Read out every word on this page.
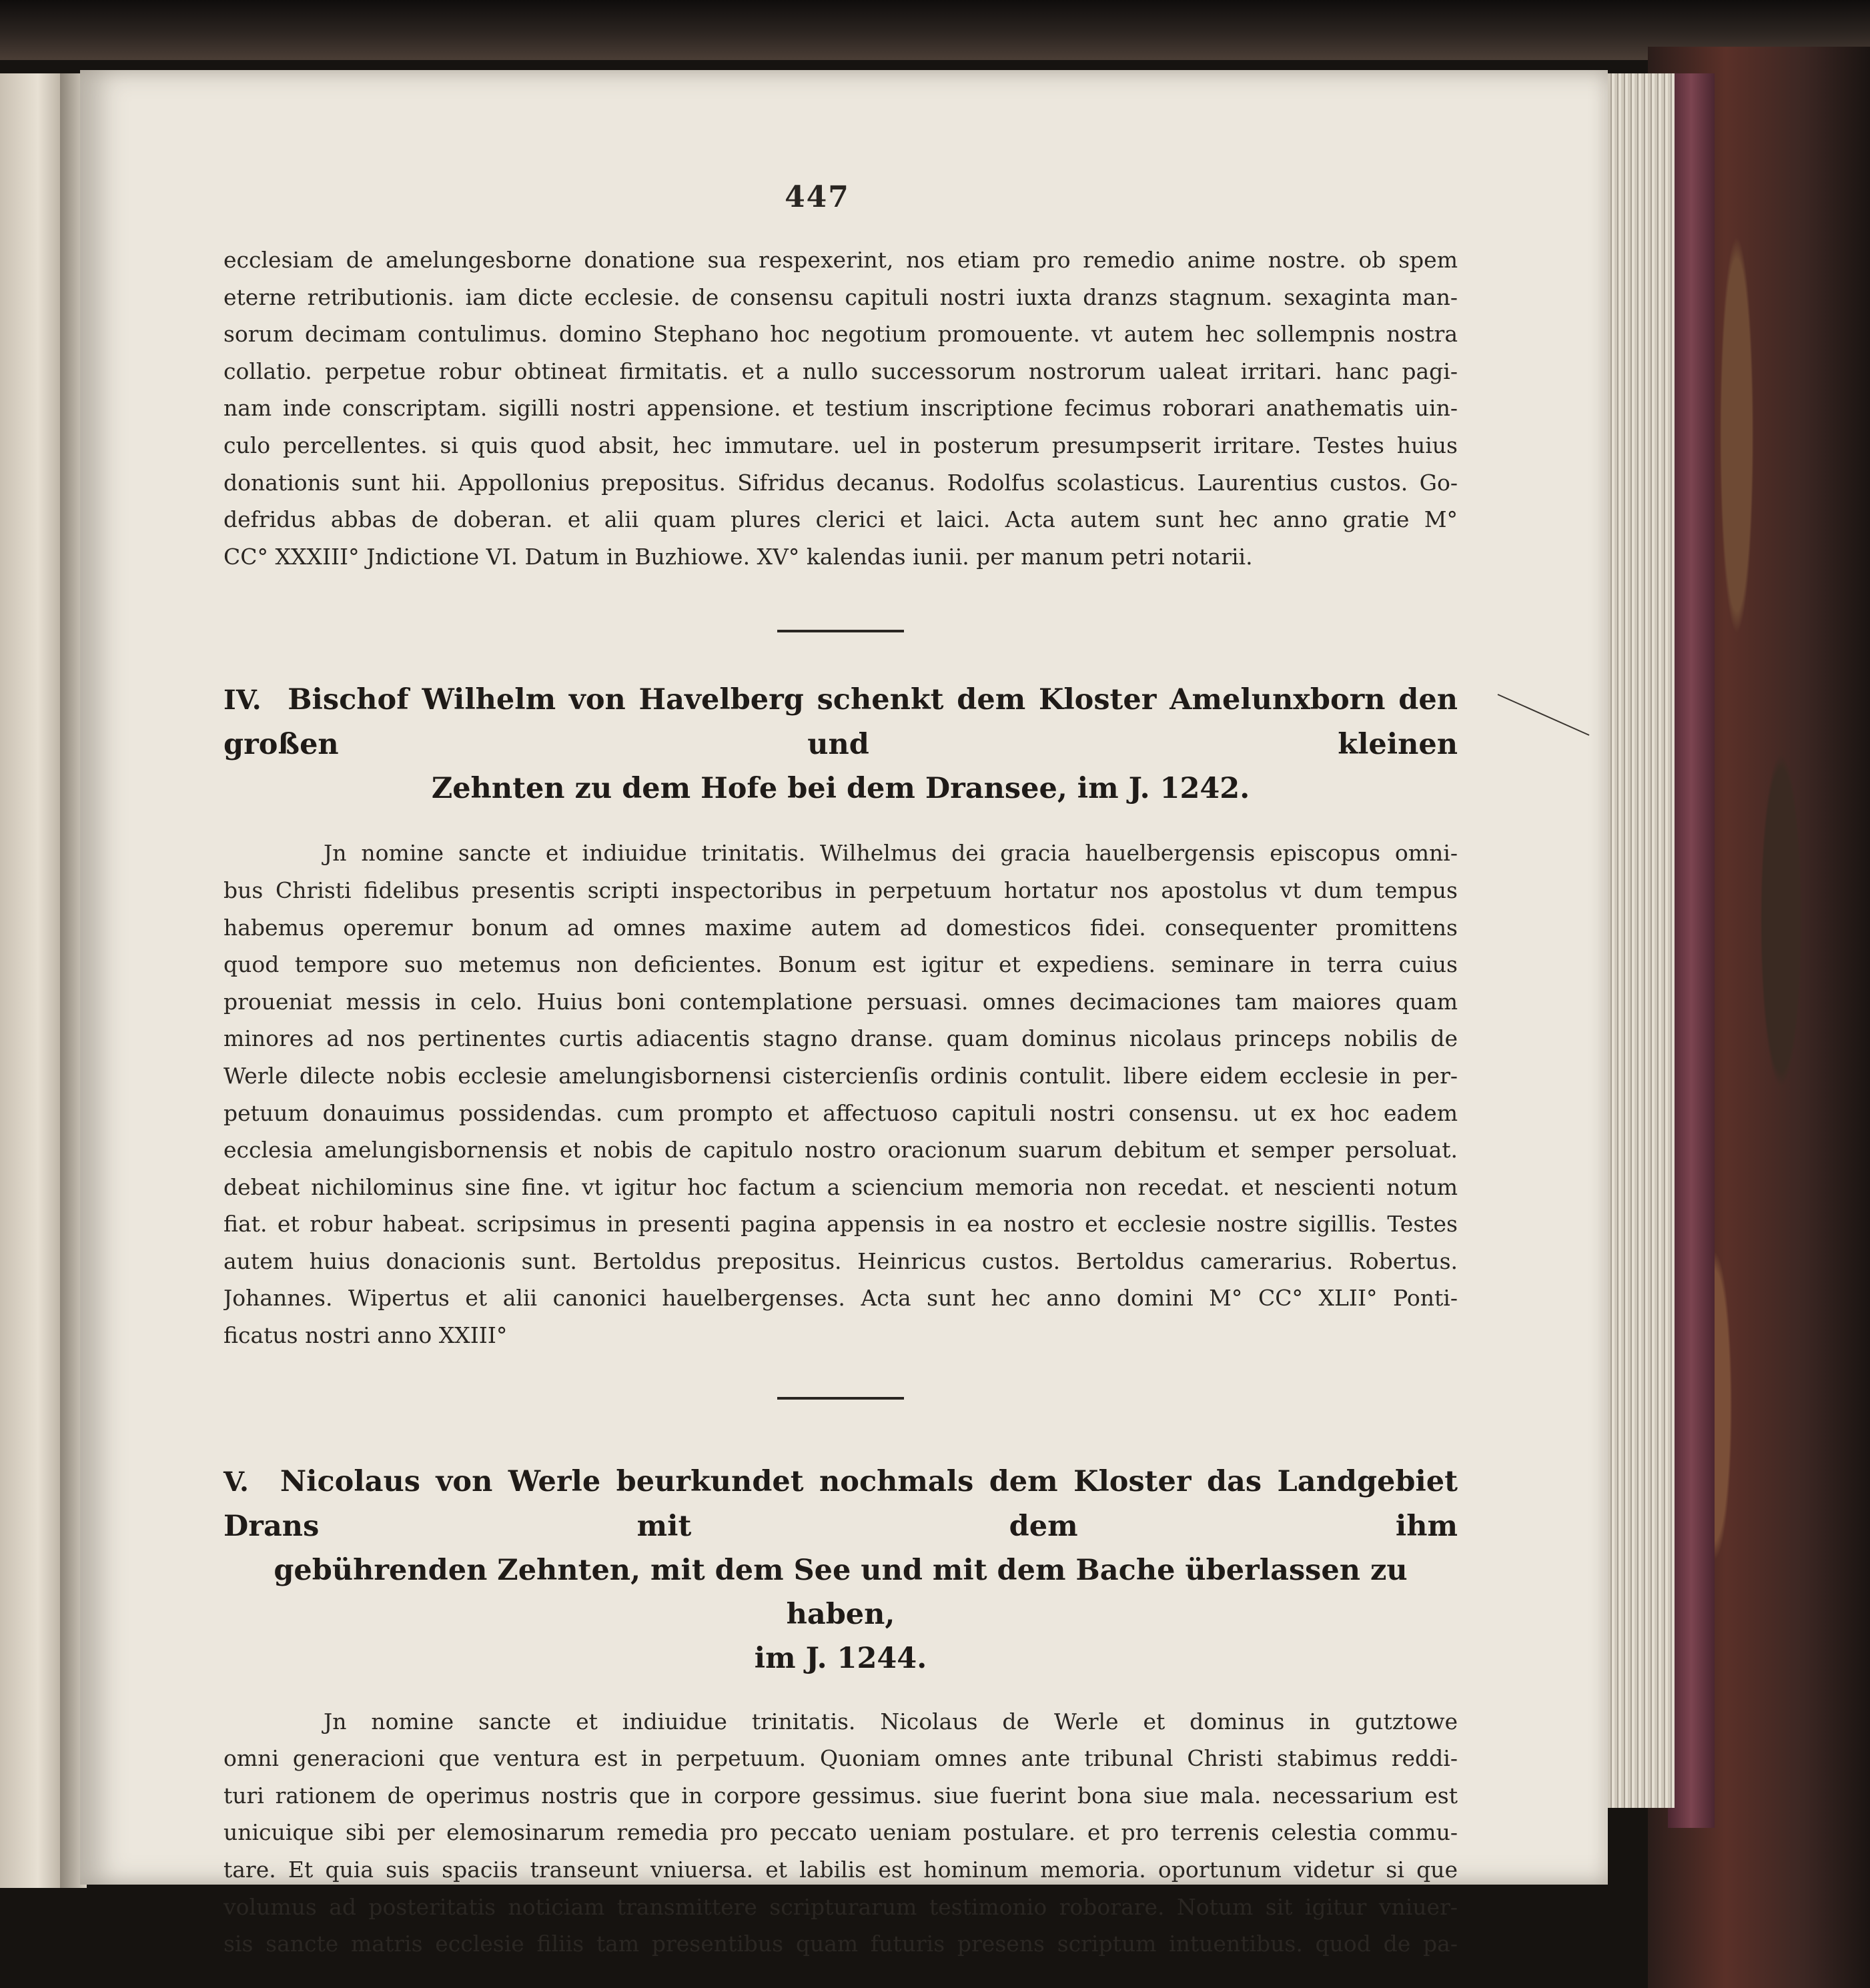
447
ecclesiam de amelungesborne donatione sua respexerint, nos etiam pro remedio anime nostre. ob spem
eterne retributionis. iam dicte ecclesie. de consensu capituli nostri iuxta dranzs stagnum. sexaginta man-
sorum decimam contulimus. domino Stephano hoc negotium promouente. vt autem hec sollempnis nostra
collatio. perpetue robur obtineat firmitatis. et a nullo successorum nostrorum ualeat irritari. hanc pagi-
nam inde conscriptam. sigilli nostri appensione. et testium inscriptione fecimus roborari anathematis uin-
culo percellentes. si quis quod absit, hec immutare. uel in posterum presumpserit irritare. Testes huius
donationis sunt hii. Appollonius prepositus. Sifridus decanus. Rodolfus scolasticus. Laurentius custos. Go-
defridus abbas de doberan. et alii quam plures clerici et laici. Acta autem sunt hec anno gratie M°
CC° XXXIII° Jndictione VI. Datum in Buzhiowe. XV° kalendas iunii. per manum petri notarii.
IV. Bischof Wilhelm von Havelberg schenkt dem Kloster Amelunxborn den großen und kleinen
Zehnten zu dem Hofe bei dem Dransee, im J. 1242.
Jn nomine sancte et indiuidue trinitatis. Wilhelmus dei gracia hauelbergensis episcopus omni-
bus Christi fidelibus presentis scripti inspectoribus in perpetuum hortatur nos apostolus vt dum tempus
habemus operemur bonum ad omnes maxime autem ad domesticos fidei. consequenter promittens
quod tempore suo metemus non deficientes. Bonum est igitur et expediens. seminare in terra cuius
proueniat messis in celo. Huius boni contemplatione persuasi. omnes decimaciones tam maiores quam
minores ad nos pertinentes curtis adiacentis stagno dranse. quam dominus nicolaus princeps nobilis de
Werle dilecte nobis ecclesie amelungisbornensi cistercienſis ordinis contulit. libere eidem ecclesie in per-
petuum donauimus possidendas. cum prompto et affectuoso capituli nostri consensu. ut ex hoc eadem
ecclesia amelungisbornensis et nobis de capitulo nostro oracionum suarum debitum et semper persoluat.
debeat nichilominus sine fine. vt igitur hoc factum a sciencium memoria non recedat. et nescienti notum
fiat. et robur habeat. scripsimus in presenti pagina appensis in ea nostro et ecclesie nostre sigillis. Testes
autem huius donacionis sunt. Bertoldus prepositus. Heinricus custos. Bertoldus camerarius. Robertus.
Johannes. Wipertus et alii canonici hauelbergenses. Acta sunt hec anno domini M° CC° XLII° Ponti-
ficatus nostri anno XXIII°
V. Nicolaus von Werle beurkundet nochmals dem Kloster das Landgebiet Drans mit dem ihm
gebührenden Zehnten, mit dem See und mit dem Bache überlassen zu haben,
im J. 1244.
Jn nomine sancte et indiuidue trinitatis. Nicolaus de Werle et dominus in gutztowe
omni generacioni que ventura est in perpetuum. Quoniam omnes ante tribunal Christi stabimus reddi-
turi rationem de operimus nostris que in corpore gessimus. siue fuerint bona siue mala. necessarium est
unicuique sibi per elemosinarum remedia pro peccato ueniam postulare. et pro terrenis celestia commu-
tare. Et quia suis spaciis transeunt vniuersa. et labilis est hominum memoria. oportunum videtur si que
volumus ad posteritatis noticiam transmittere scripturarum testimonio roborare. Notum sit igitur vniuer-
sis sancte matris ecclesie filiis tam presentibus quam futuris presens scriptum intuentibus. quod de pa-
